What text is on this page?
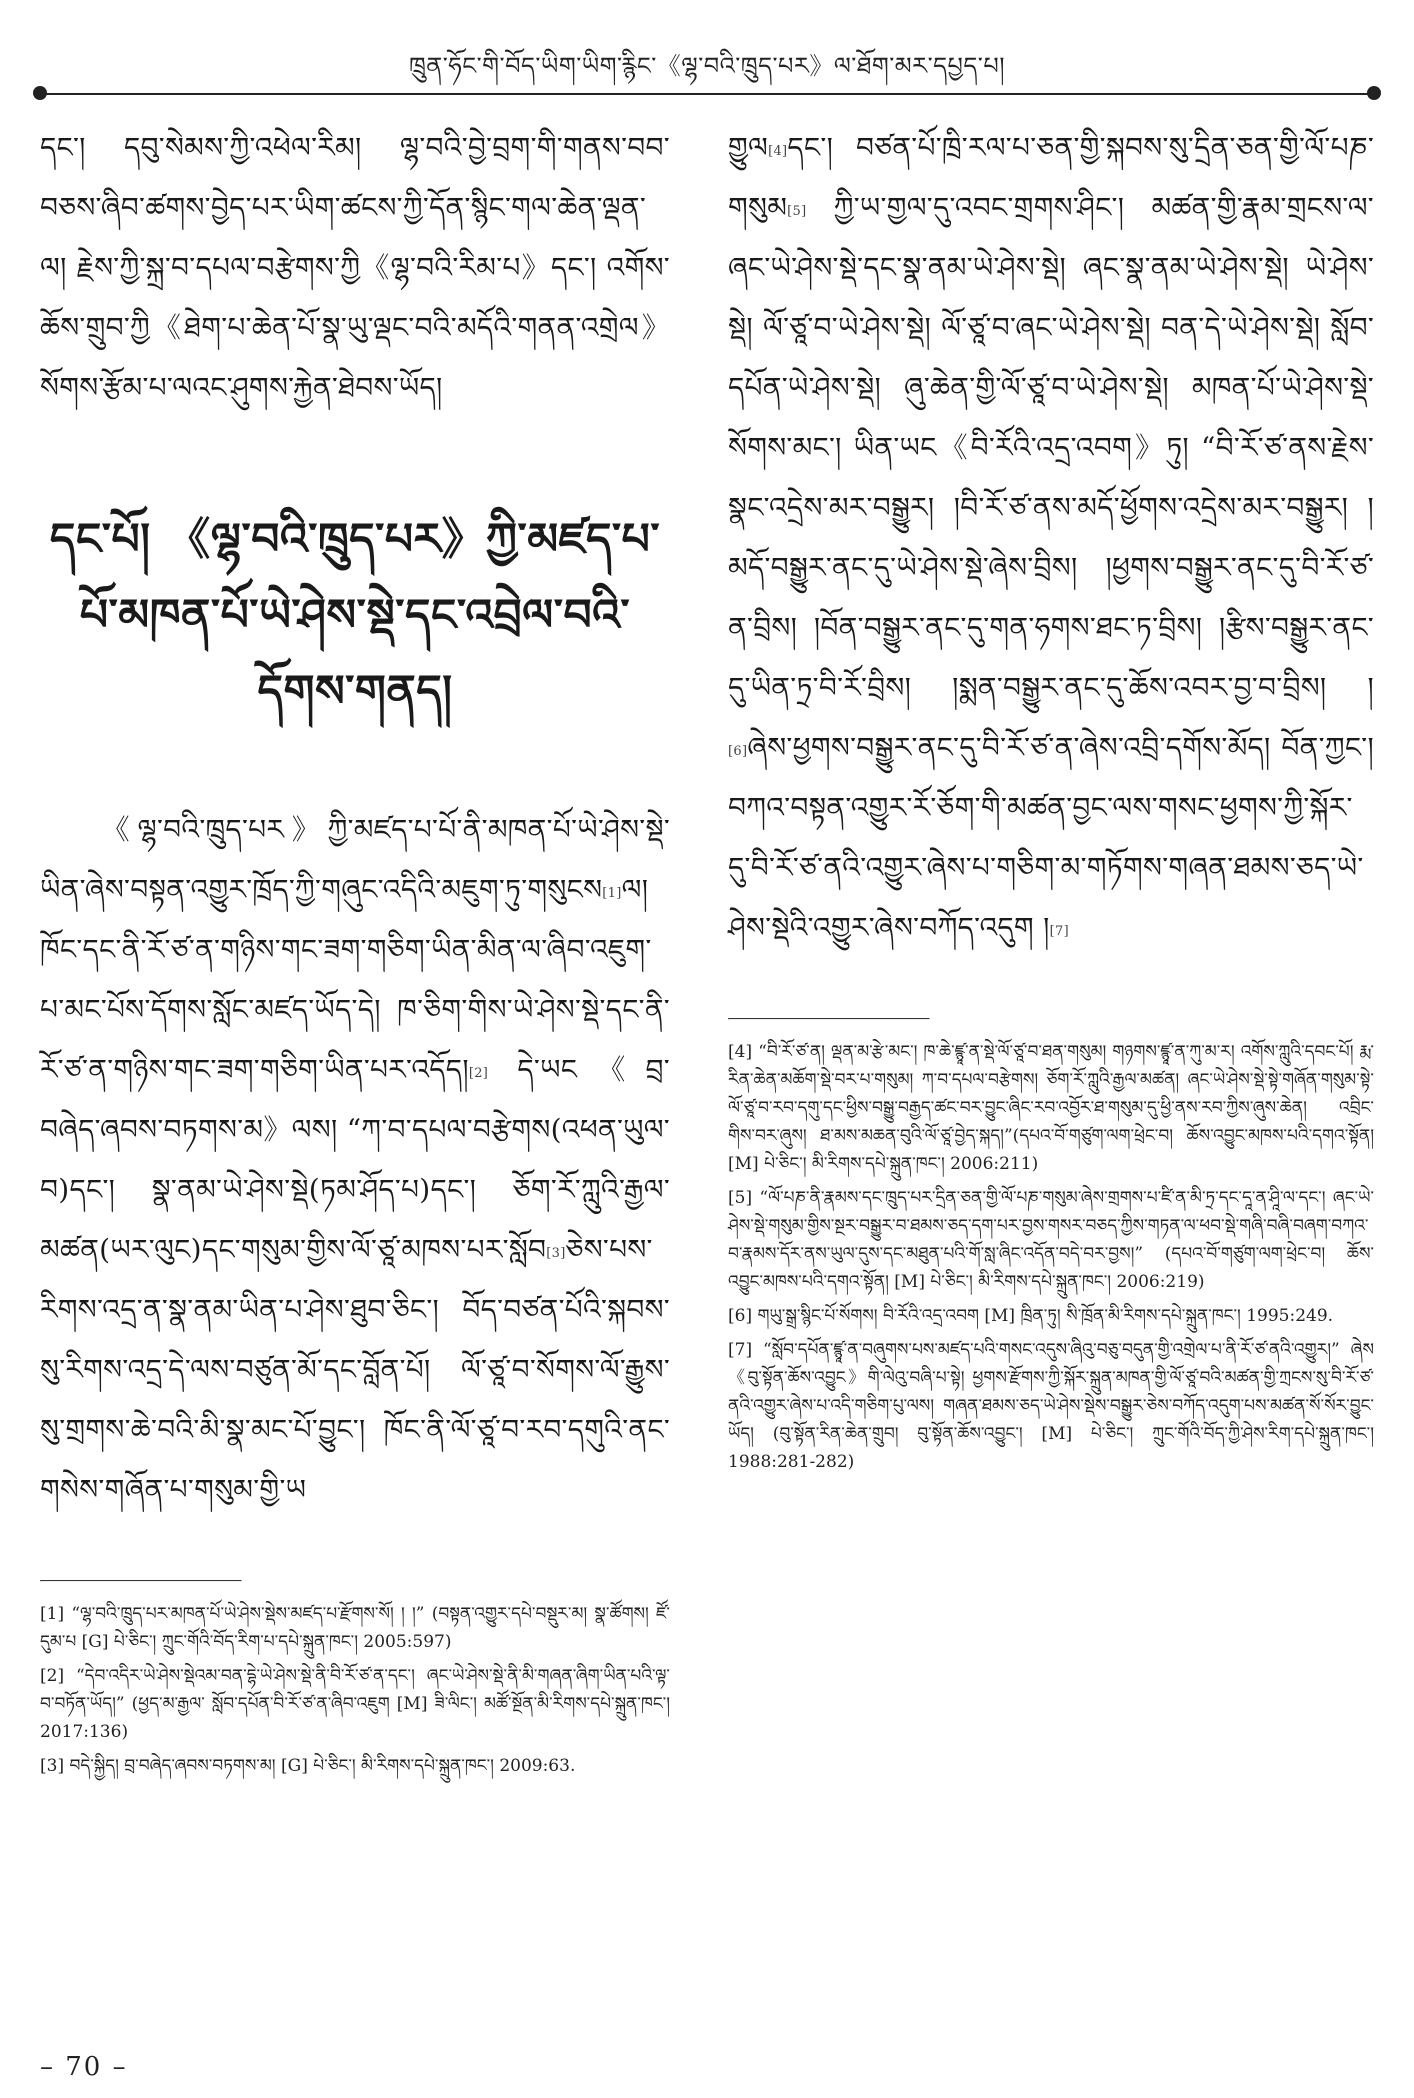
ཁྲུན་ཧོང་གི་བོད་ཡིག་ཡིག་རྙིང་《ལྷ་བའི་ཁྲུད་པར》ལ་ཐོག་མར་དཔྱད་པ།

དང་། དབུ་སེམས་ཀྱི་འཕེལ་རིམ། ལྷ་བའི་བྱེ་བྲག་གི་གནས་བབ་བཅས་ཞིབ་ཚགས་བྱེད་པར་ཡིག་ཚངས་ཀྱི་དོན་སྙིང་གལ་ཆེན་ལྡན་ལ། རྗེས་ཀྱི་སྐྲ་བ་དཔལ་བརྩེགས་ཀྱི《ལྷ་བའི་རིམ་པ》དང་། འགོས་ཆོས་གྲུབ་ཀྱི《ཐེག་པ་ཆེན་པོ་སྣ་ཡུ་ལྡང་བའི་མདོའི་གནན་འགྲེལ》སོགས་རྩོམ་པ་ལའང་ཤུགས་རྐྱེན་ཐེབས་ཡོད།

དང་པོ། 《ལྷ་བའི་ཁྲུད་པར》ཀྱི་མཛད་པ་པོ་མཁན་པོ་ཡེ་ཤེས་སྡེ་དང་འབྲེལ་བའི་དོགས་གནད།

《ལྷ་བའི་ཁྲུད་པར》ཀྱི་མཛད་པ་པོ་ནི་མཁན་པོ་ཡེ་ཤེས་སྡེ་ཡིན་ཞེས་བསྟན་འགྱུར་ཁྲོད་ཀྱི་གཞུང་འདིའི་མཇུག་ཏུ་གསུངས[1]ལ། ཁོང་དང་ནི་རོ་ཙ་ན་གཉིས་གང་ཟག་གཅིག་ཡིན་མིན་ལ་ཞིབ་འཇུག་པ་མང་པོས་དོགས་སློང་མཛད་ཡོད་དེ། ཁ་ཅིག་གིས་ཡེ་ཤེས་སྡེ་དང་ནི་རོ་ཙ་ན་གཉིས་གང་ཟག་གཅིག་ཡིན་པར་འདོད།[2] དེ་ཡང《བྲ་བཞེད་ཞབས་བཏགས་མ》ལས། “ཀ་བ་དཔལ་བརྩེགས(འཕན་ཡུལ་བ)དང་། སྣ་ནམ་ཡེ་ཤེས་སྡེ(ཏམ་ཤོད་པ)དང་། ཅོག་རོ་ཀླུའི་རྒྱལ་མཚན(ཡར་ལུང)དང་གསུམ་གྱིས་ལོ་ཙཱ་མཁས་པར་སློབ[3]ཅེས་པས་རིགས་འདྲ་ན་སྣ་ནམ་ཡིན་པ་ཤེས་ཐུབ་ཅིང་། བོད་བཙན་པོའི་སྐབས་སུ་རིགས་འདྲ་དེ་ལས་བཙུན་མོ་དང་བློན་པོ། ལོ་ཙཱ་བ་སོགས་ལོ་རྒྱུས་སུ་གྲགས་ཆེ་བའི་མི་སྣ་མང་པོ་བྱུང་། ཁོང་ནི་ལོ་ཙཱ་བ་རབ་དགུའི་ནང་གསེས་གཞོན་པ་གསུམ་གྱི་ཡ

[1] “ལྷ་བའི་ཁྲུད་པར་མཁན་པོ་ཡེ་ཤེས་སྡེས་མཛད་པ་རྫོགས་སོ། ། །” (བསྟན་འགྱུར་དཔེ་བསྡུར་མ། སྣ་ཚོགས། ཛོ་དུམ་པ [G] པེ་ཅིང་། ཀྲུང་གོའི་བོད་རིག་པ་དཔེ་སྐྲུན་ཁང་། 2005:597)

[2] “དེབ་འདིར་ཡེ་ཤེས་སྡེའམ་བན་དྷེ་ཡེ་ཤེས་སྡེ་ནི་བི་རོ་ཙ་ན་དང་། ཞང་ཡེ་ཤེས་སྡེ་ནི་མི་གཞན་ཞིག་ཡིན་པའི་ལྟ་བ་བཏོན་ཡོད།” (ཕྱད་མ་རྒྱལ་ སློབ་དཔོན་བི་རོ་ཙ་ན་ཞིབ་འཇུག [M] ཟི་ལིང་། མཚོ་སྔོན་མི་རིགས་དཔེ་སྐྲུན་ཁང་། 2017:136)

[3] བདེ་སྐྱིད། བྲ་བཞེད་ཞབས་བཏགས་མ། [G] པེ་ཅིང་། མི་རིགས་དཔེ་སྐྲུན་ཁང་། 2009:63.

གྱུལ[4]དང་། བཙན་པོ་ཁྲི་རལ་པ་ཅན་གྱི་སྐབས་སུ་དྲིན་ཅན་གྱི་ལོ་པཎ་གསུམ[5] ཀྱི་ཡ་གྱལ་དུ་འབང་གྲགས་ཤིང་། མཚན་གྱི་རྣམ་གྲངས་ལ་ཞང་ཡེ་ཤེས་སྡེ་དང་སྣ་ནམ་ཡེ་ཤེས་སྡེ། ཞང་སྣ་ནམ་ཡེ་ཤེས་སྡེ། ཡེ་ཤེས་སྡེ། ལོ་ཙཱ་བ་ཡེ་ཤེས་སྡེ། ལོ་ཙཱ་བ་ཞང་ཡེ་ཤེས་སྡེ། བན་དེ་ཡེ་ཤེས་སྡེ། སློབ་དཔོན་ཡེ་ཤེས་སྡེ། ཞུ་ཆེན་གྱི་ལོ་ཙཱ་བ་ཡེ་ཤེས་སྡེ། མཁན་པོ་ཡེ་ཤེས་སྡེ་སོགས་མང་། ཡིན་ཡང《བི་རོའི་འདྲ་འབག》ཏུ། “བི་རོ་ཙ་ནས་རྗེས་སྣང་འདྲེས་མར་བསྒྱུར། །བི་རོ་ཙ་ནས་མདོ་ཕྱོགས་འདྲེས་མར་བསྒྱུར། །མདོ་བསྒྱུར་ནང་དུ་ཡེ་ཤེས་སྡེ་ཞེས་བྲིས། །ཕྱགས་བསྒྱུར་ནང་དུ་བི་རོ་ཙ་ན་བྲིས། །བོན་བསྒྱུར་ནང་དུ་གན་ཧགས་ཐང་ཏ་བྲིས། །རྩིས་བསྒྱུར་ནང་དུ་ཡིན་ཏྲ་བི་རོ་བྲིས། །སྨན་བསྒྱུར་ནང་དུ་ཆོས་འབར་བྱ་བ་བྲིས། །[6]ཞེས་ཕྱགས་བསྒྱུར་ནང་དུ་བི་རོ་ཙ་ན་ཞེས་འབྲི་དགོས་མོད། བོན་ཀྱང་། བཀའ་བསྟན་འགྱུར་རོ་ཅོག་གི་མཚན་བྱང་ལས་གསང་ཕྱགས་ཀྱི་སྐོར་དུ་བི་རོ་ཙ་ནའི་འགྱུར་ཞེས་པ་གཅིག་མ་གཏོགས་གཞན་ཐམས་ཅད་ཡེ་ཤེས་སྡེའི་འགྱུར་ཞེས་བཀོད་འདུག །[7]

[4] “བི་རོ་ཙ་ན། ལྡན་མ་རྩེ་མང་། ཁ་ཆེ་ཛྙཱ་ན་སྡེ་ལོ་ཙཱ་བ་ཐན་གསུམ། གཉགས་ཛྙཱ་ན་ཀུ་མ་ར། འགོས་ཀླུའི་དབང་པོ། རྨ་རིན་ཆེན་མཆོག་སྡེ་བར་པ་གསུམ། ཀ་བ་དཔལ་བརྩེགས། ཅོག་རོ་ཀླུའི་རྒྱལ་མཚན། ཞང་ཡེ་ཤེས་སྡེ་སྟེ་གཞོན་གསུམ་སྟེ་ལོ་ཙཱ་བ་རབ་དགུ་དང་ཕྱིས་བསྒྱུ་བརྒྱད་ཚང་བར་བྱུང་ཞིང་རབ་འབྱོར་ཐ་གསུམ་དུ་ཕྱི་ནས་རབ་ཀྱིས་ཞུས་ཆེན། འབྲིང་གིས་བར་ཞུས། ཐ་མས་མཆན་བུའི་ལོ་ཙཱ་བྱེད་སྐད།”(དཔའ་བོ་གཙུག་ལག་ཕྲེང་བ། ཆོས་འབྱུང་མཁས་པའི་དགའ་སྟོན། [M] པེ་ཅིང་། མི་རིགས་དཔེ་སྐྲུན་ཁང་། 2006:211)

[5] “ལོ་པཎ་ནི་རྣམས་དང་ཁྲུད་པར་དྲིན་ཅན་གྱི་ལོ་པཎ་གསུམ་ཞེས་གྲགས་པ་ཛི་ན་མི་ཏྲ་དང་དཱ་ན་ཤཱི་ལ་དང་། ཞང་ཡེ་ཤེས་སྡེ་གསུམ་གྱིས་སྔར་བསྒྱུར་བ་ཐམས་ཅད་དག་པར་བྱས་གསར་བཅད་ཀྱིས་གཏན་ལ་ཕབ་སྡེ་གཞི་བཞི་བཞག་བཀའ་བ་རྣམས་དོར་ནས་ཡུལ་དུས་དང་མཐུན་པའི་གོ་སླ་ཞིང་འདོན་བདེ་བར་བྱས།” (དཔའ་བོ་གཙུག་ལག་ཕྲེང་བ། ཆོས་འབྱུང་མཁས་པའི་དགའ་སྟོན། [M] པེ་ཅིང་། མི་རིགས་དཔེ་སྐྲུན་ཁང་། 2006:219)

[6] གཡུ་སྒྲ་སྙིང་པོ་སོགས། བི་རོའི་འདྲ་འབག [M] ཁྲིན་ཏུ། སི་ཁྲོན་མི་རིགས་དཔེ་སྐྲུན་ཁང་། 1995:249.

[7] “སློབ་དཔོན་ཛྙཱ་ན་བཞུགས་པས་མཛད་པའི་གསང་འདུས་ཞིའུ་བཅུ་བདུན་གྱི་འགྲེལ་པ་ནི་རོ་ཙ་ནའི་འགྱུར།” ཞེས《བུ་སྟོན་ཆོས་འབྱུང》གི་ལེའུ་བཞི་པ་སྟེ། ཕྱགས་རྫོགས་ཀྱི་སྐོར་སྐྲུན་མཁན་གྱི་ལོ་ཙཱ་བའི་མཚན་གྱི་ཀྲངས་སུ་བི་རོ་ཙ་ནའི་འགྱུར་ཞེས་པ་འདི་གཅིག་པུ་ལས། གཞན་ཐམས་ཅད་ཡེ་ཤེས་སྡེས་བསྒྱུར་ཅེས་བཀོད་འདུག་པས་མཚན་སོ་སོར་བྱུང་ཡོད། (བུ་སྟོན་རིན་ཆེན་གྲུབ། བུ་སྟོན་ཆོས་འབྱུང་། [M] པེ་ཅིང་། ཀྲུང་གོའི་བོད་ཀྱི་ཤེས་རིག་དཔེ་སྐྲུན་ཁང་། 1988:281-282)

– 70 –
